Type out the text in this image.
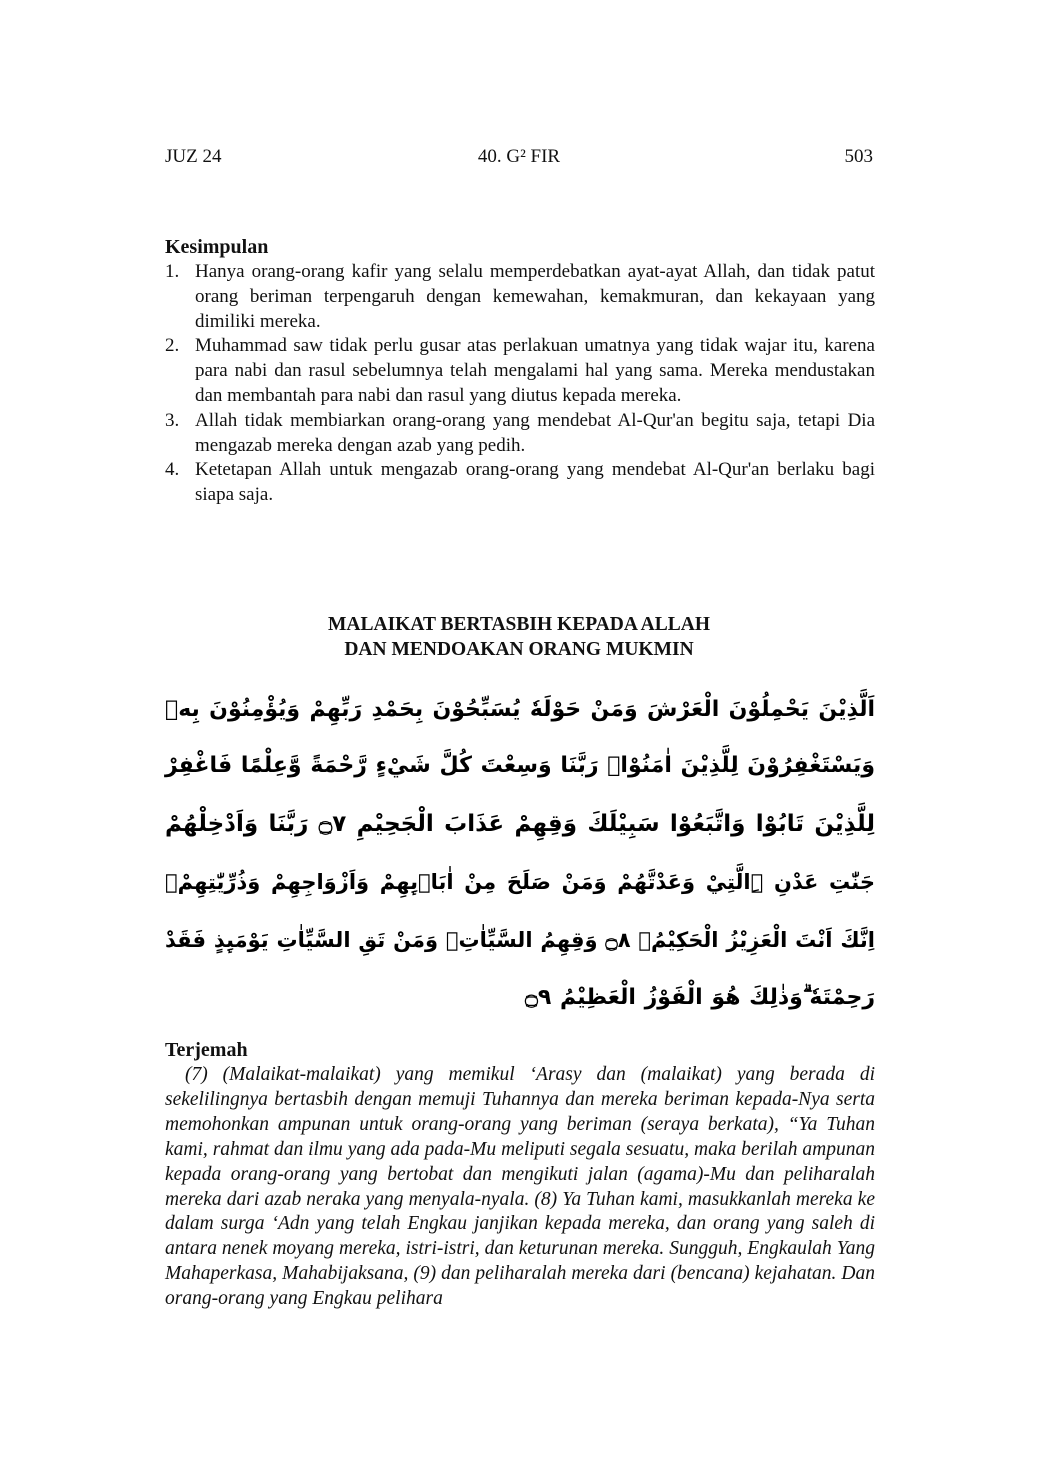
JUZ 24	40. G² FIR	503
Kesimpulan
1. Hanya orang-orang kafir yang selalu memperdebatkan ayat-ayat Allah, dan tidak patut orang beriman terpengaruh dengan kemewahan, kemakmuran, dan kekayaan yang dimiliki mereka.
2. Muhammad saw tidak perlu gusar atas perlakuan umatnya yang tidak wajar itu, karena para nabi dan rasul sebelumnya telah mengalami hal yang sama. Mereka mendustakan dan membantah para nabi dan rasul yang diutus kepada mereka.
3. Allah tidak membiarkan orang-orang yang mendebat Al-Qur'an begitu saja, tetapi Dia mengazab mereka dengan azab yang pedih.
4. Ketetapan Allah untuk mengazab orang-orang yang mendebat Al-Qur'an berlaku bagi siapa saja.
MALAIKAT BERTASBIH KEPADA ALLAH
DAN MENDOAKAN ORANG MUKMIN
اَلَّذِيْنَ يَحْمِلُوْنَ الْعَرْشَ وَمَنْ حَوْلَهٗ يُسَبِّحُوْنَ بِحَمْدِ رَبِّهِمْ وَيُؤْمِنُوْنَ بِهٖ
وَيَسْتَغْفِرُوْنَ لِلَّذِيْنَ اٰمَنُوْاۚ رَبَّنَا وَسِعْتَ كُلَّ شَيْءٍ رَّحْمَةً وَّعِلْمًا فَاغْفِرْ
لِلَّذِيْنَ تَابُوْا وَاتَّبَعُوْا سَبِيْلَكَ وَقِهِمْ عَذَابَ الْجَحِيْمِ ۝٧ رَبَّنَا وَاَدْخِلْهُمْ
جَنّٰتِ عَدْنِ ِۨالَّتِيْ وَعَدْتَّهُمْ وَمَنْ صَلَحَ مِنْ اٰبَاۤىِٕهِمْ وَاَزْوَاجِهِمْ وَذُرِّيّٰتِهِمْۗ
اِنَّكَ اَنْتَ الْعَزِيْزُ الْحَكِيْمُۙ ۝٨ وَقِهِمُ السَّيِّاٰتِۗ وَمَنْ تَقِ السَّيِّاٰتِ يَوْمَىِٕذٍ فَقَدْ
رَحِمْتَهٗ ۗوَذٰلِكَ هُوَ الْفَوْزُ الْعَظِيْمُ ۝٩
Terjemah

(7) (Malaikat-malaikat) yang memikul ‘Arasy dan (malaikat) yang berada di sekelilingnya bertasbih dengan memuji Tuhannya dan mereka beriman kepada-Nya serta memohonkan ampunan untuk orang-orang yang beriman (seraya berkata), “Ya Tuhan kami, rahmat dan ilmu yang ada pada-Mu meliputi segala sesuatu, maka berilah ampunan kepada orang-orang yang bertobat dan mengikuti jalan (agama)-Mu dan peliharalah mereka dari azab neraka yang menyala-nyala. (8) Ya Tuhan kami, masukkanlah mereka ke dalam surga ‘Adn yang telah Engkau janjikan kepada mereka, dan orang yang saleh di antara nenek moyang mereka, istri-istri, dan keturunan mereka. Sungguh, Engkaulah Yang Mahaperkasa, Mahabijaksana, (9) dan peliharalah mereka dari (bencana) kejahatan. Dan orang-orang yang Engkau pelihara
